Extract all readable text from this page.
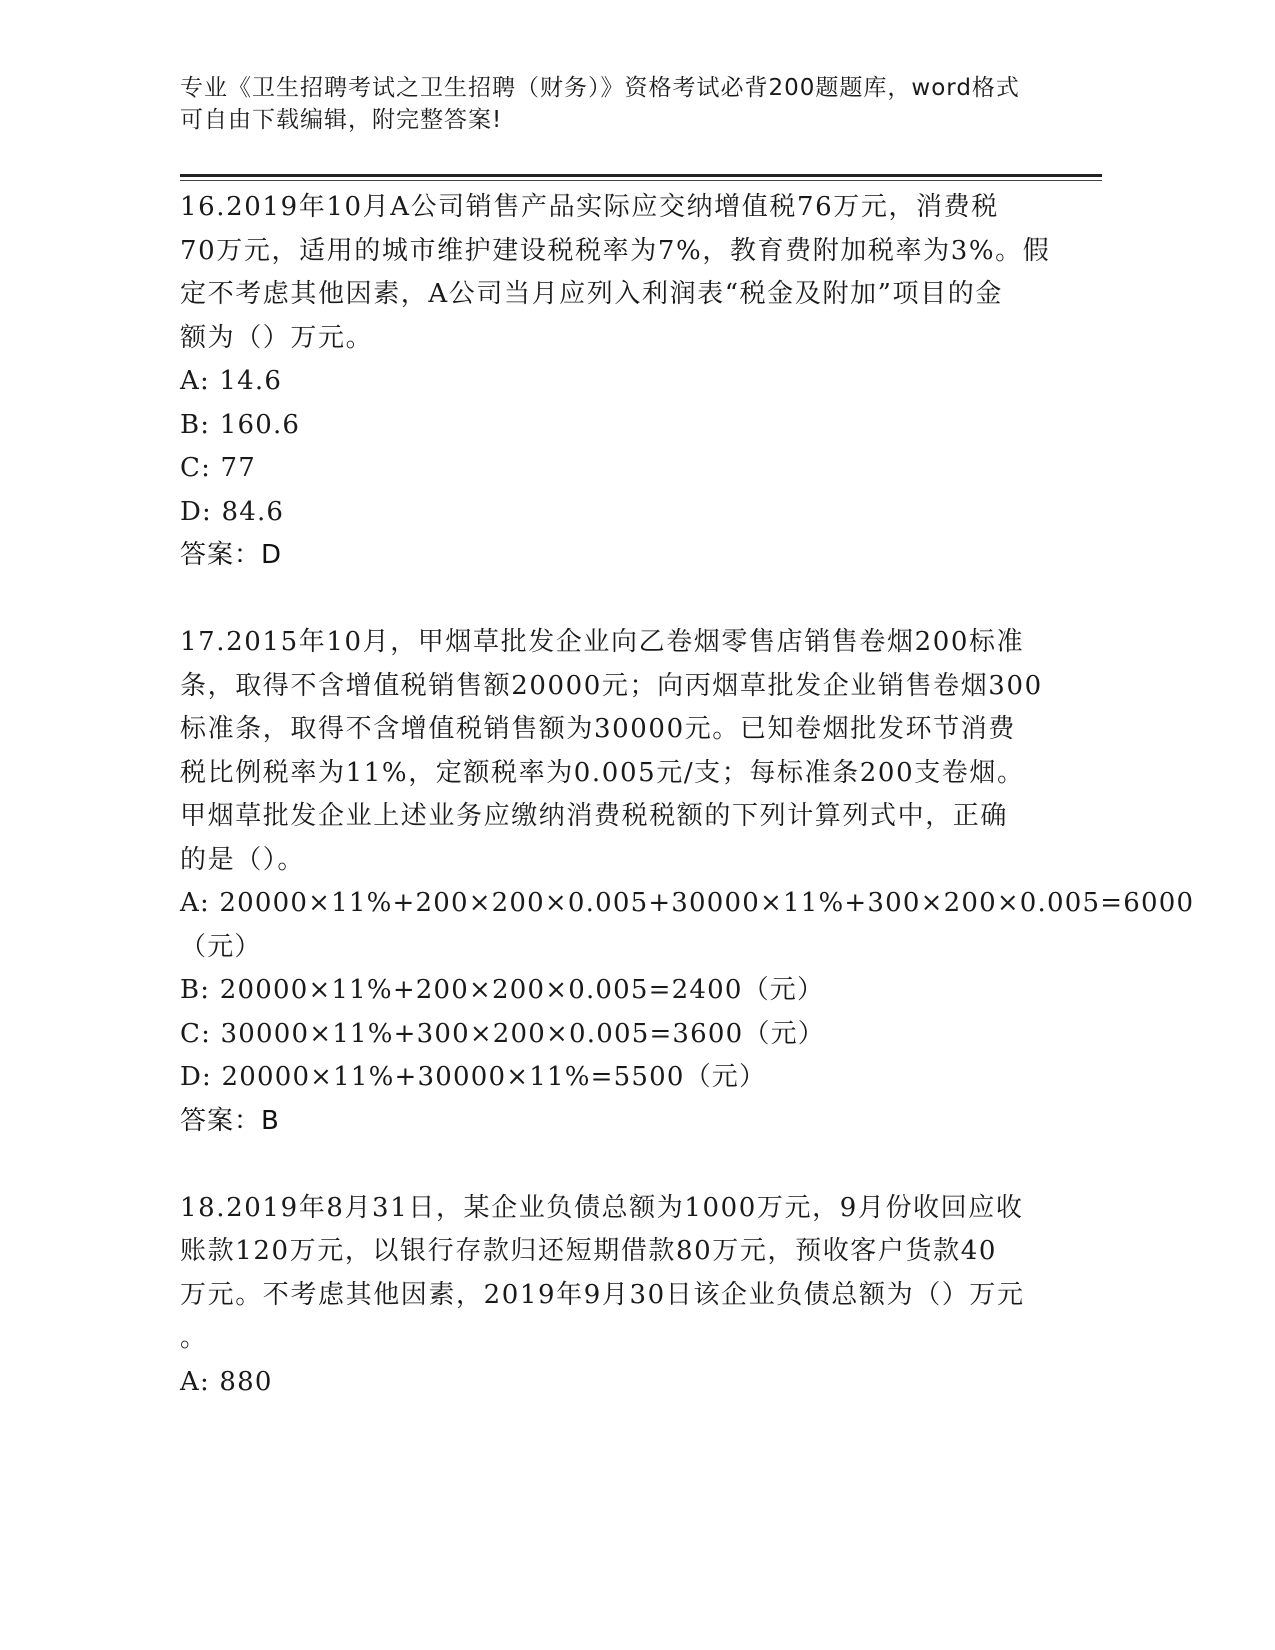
专业《卫生招聘考试之卫生招聘（财务）》资格考试必背200题题库，word格式
可自由下载编辑，附完整答案!
16.2019年10月A公司销售产品实际应交纳增值税76万元，消费税
70万元，适用的城市维护建设税税率为7%，教育费附加税率为3%。假
定不考虑其他因素，A公司当月应列入利润表“税金及附加”项目的金
额为（）万元。
A: 14.6
B: 160.6
C: 77
D: 84.6
答案：D
17.2015年10月，甲烟草批发企业向乙卷烟零售店销售卷烟200标准
条，取得不含增值税销售额20000元；向丙烟草批发企业销售卷烟300
标准条，取得不含增值税销售额为30000元。已知卷烟批发环节消费
税比例税率为11%，定额税率为0.005元/支；每标准条200支卷烟。
甲烟草批发企业上述业务应缴纳消费税税额的下列计算列式中，正确
的是（）。
A: 20000×11%+200×200×0.005+30000×11%+300×200×0.005=6000
（元）
B: 20000×11%+200×200×0.005=2400（元）
C: 30000×11%+300×200×0.005=3600（元）
D: 20000×11%+30000×11%=5500（元）
答案：B
18.2019年8月31日，某企业负债总额为1000万元，9月份收回应收
账款120万元，以银行存款归还短期借款80万元，预收客户货款40
万元。不考虑其他因素，2019年9月30日该企业负债总额为（）万元
。
A: 880
